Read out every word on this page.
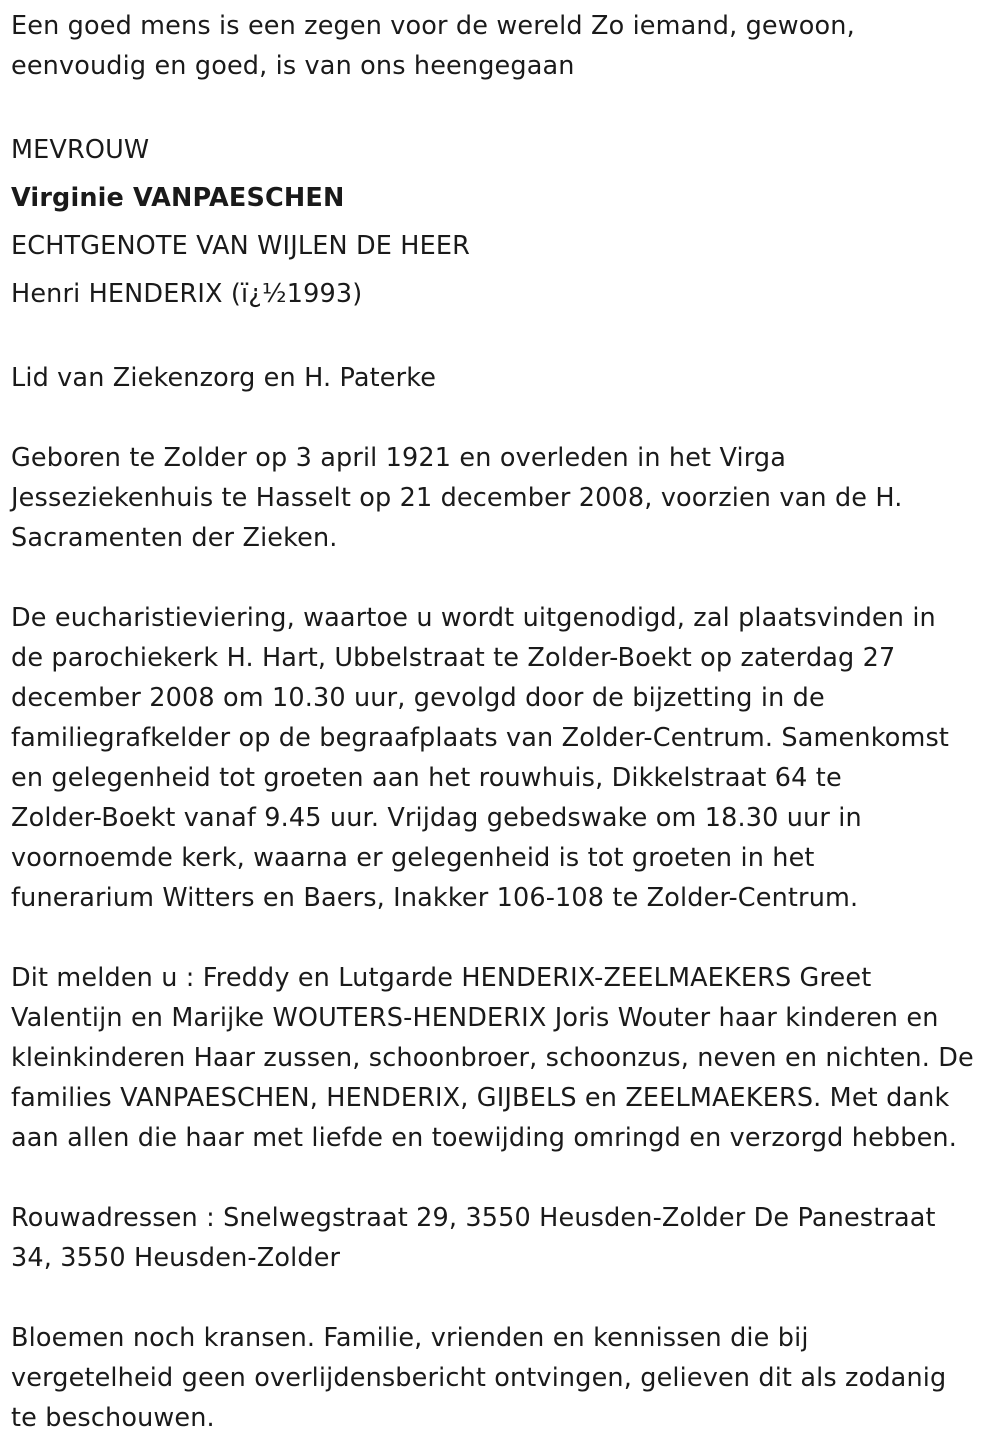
Een goed mens is een zegen voor de wereld Zo iemand, gewoon,
eenvoudig en goed, is van ons heengegaan
MEVROUW
Virginie VANPAESCHEN
ECHTGENOTE VAN WIJLEN DE HEER
Henri HENDERIX (ï¿½1993)
Lid van Ziekenzorg en H. Paterke
Geboren te Zolder op 3 april 1921 en overleden in het Virga
Jesseziekenhuis te Hasselt op 21 december 2008, voorzien van de H.
Sacramenten der Zieken.
De eucharistieviering, waartoe u wordt uitgenodigd, zal plaatsvinden in
de parochiekerk H. Hart, Ubbelstraat te Zolder-Boekt op zaterdag 27
december 2008 om 10.30 uur, gevolgd door de bijzetting in de
familiegrafkelder op de begraafplaats van Zolder-Centrum. Samenkomst
en gelegenheid tot groeten aan het rouwhuis, Dikkelstraat 64 te
Zolder-Boekt vanaf 9.45 uur. Vrijdag gebedswake om 18.30 uur in
voornoemde kerk, waarna er gelegenheid is tot groeten in het
funerarium Witters en Baers, Inakker 106-108 te Zolder-Centrum.
Dit melden u : Freddy en Lutgarde HENDERIX-ZEELMAEKERS Greet
Valentijn en Marijke WOUTERS-HENDERIX Joris Wouter haar kinderen en
kleinkinderen Haar zussen, schoonbroer, schoonzus, neven en nichten. De
families VANPAESCHEN, HENDERIX, GIJBELS en ZEELMAEKERS. Met dank
aan allen die haar met liefde en toewijding omringd en verzorgd hebben.
Rouwadressen : Snelwegstraat 29, 3550 Heusden-Zolder De Panestraat
34, 3550 Heusden-Zolder
Bloemen noch kransen. Familie, vrienden en kennissen die bij
vergetelheid geen overlijdensbericht ontvingen, gelieven dit als zodanig
te beschouwen.
